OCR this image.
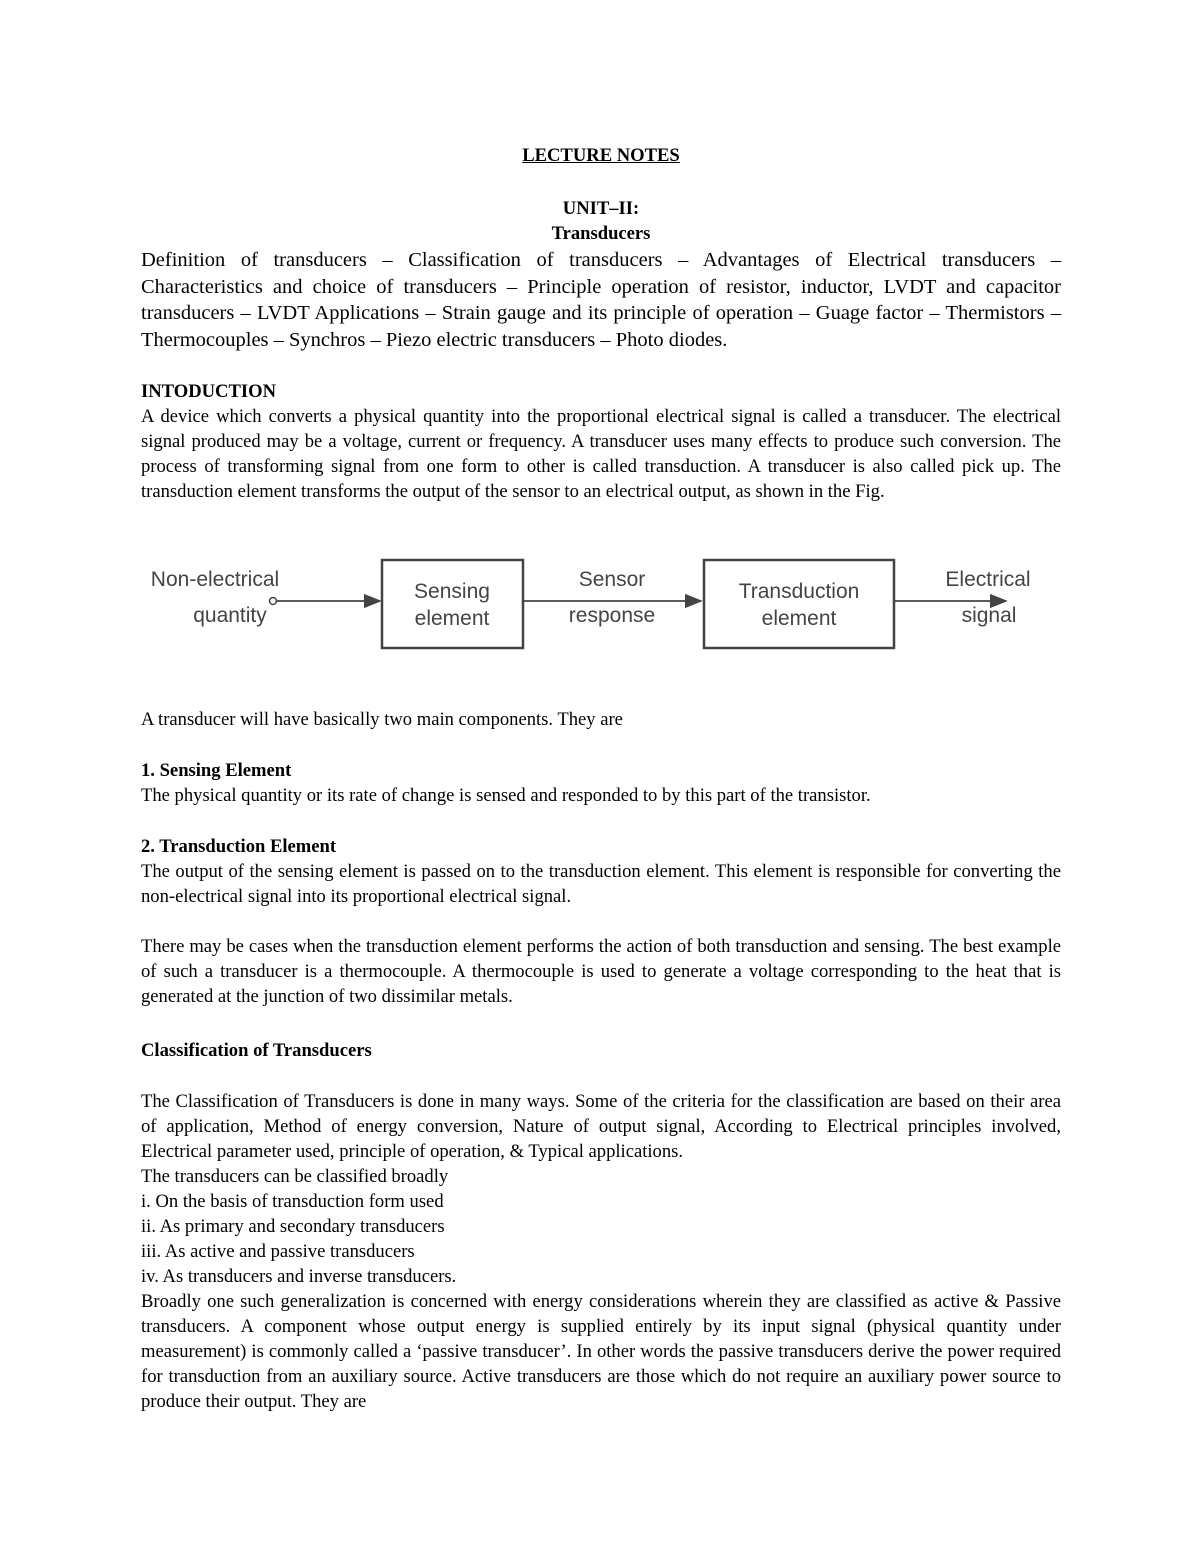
LECTURE NOTES
UNIT–II:
Transducers
Definition of transducers – Classification of transducers – Advantages of Electrical transducers – Characteristics and choice of transducers – Principle operation of resistor, inductor, LVDT and capacitor transducers – LVDT Applications – Strain gauge and its principle of operation – Guage factor – Thermistors – Thermocouples – Synchros – Piezo electric transducers – Photo diodes.
INTODUCTION
A device which converts a physical quantity into the proportional electrical signal is called a transducer. The electrical signal produced may be a voltage, current or frequency. A transducer uses many effects to produce such conversion. The process of transforming signal from one form to other is called transduction. A transducer is also called pick up. The transduction element transforms the output of the sensor to an electrical output, as shown in the Fig.
Non-electrical
quantity
Sensing
element
Sensor
response
Transduction
element
Electrical
signal
A transducer will have basically two main components. They are
1. Sensing Element
The physical quantity or its rate of change is sensed and responded to by this part of the transistor.
2. Transduction Element
The output of the sensing element is passed on to the transduction element. This element is responsible for converting the non-electrical signal into its proportional electrical signal.
There may be cases when the transduction element performs the action of both transduction and sensing. The best example of such a transducer is a thermocouple. A thermocouple is used to generate a voltage corresponding to the heat that is generated at the junction of two dissimilar metals.
Classification of Transducers
The Classification of Transducers is done in many ways. Some of the criteria for the classification are based on their area of application, Method of energy conversion, Nature of output signal, According to Electrical principles involved, Electrical parameter used, principle of operation, & Typical applications.
The transducers can be classified broadly
i. On the basis of transduction form used
ii. As primary and secondary transducers
iii. As active and passive transducers
iv. As transducers and inverse transducers.
Broadly one such generalization is concerned with energy considerations wherein they are classified as active & Passive transducers. A component whose output energy is supplied entirely by its input signal (physical quantity under measurement) is commonly called a ‘passive transducer’. In other words the passive transducers derive the power required for transduction from an auxiliary source. Active transducers are those which do not require an auxiliary power source to produce their output. They are
